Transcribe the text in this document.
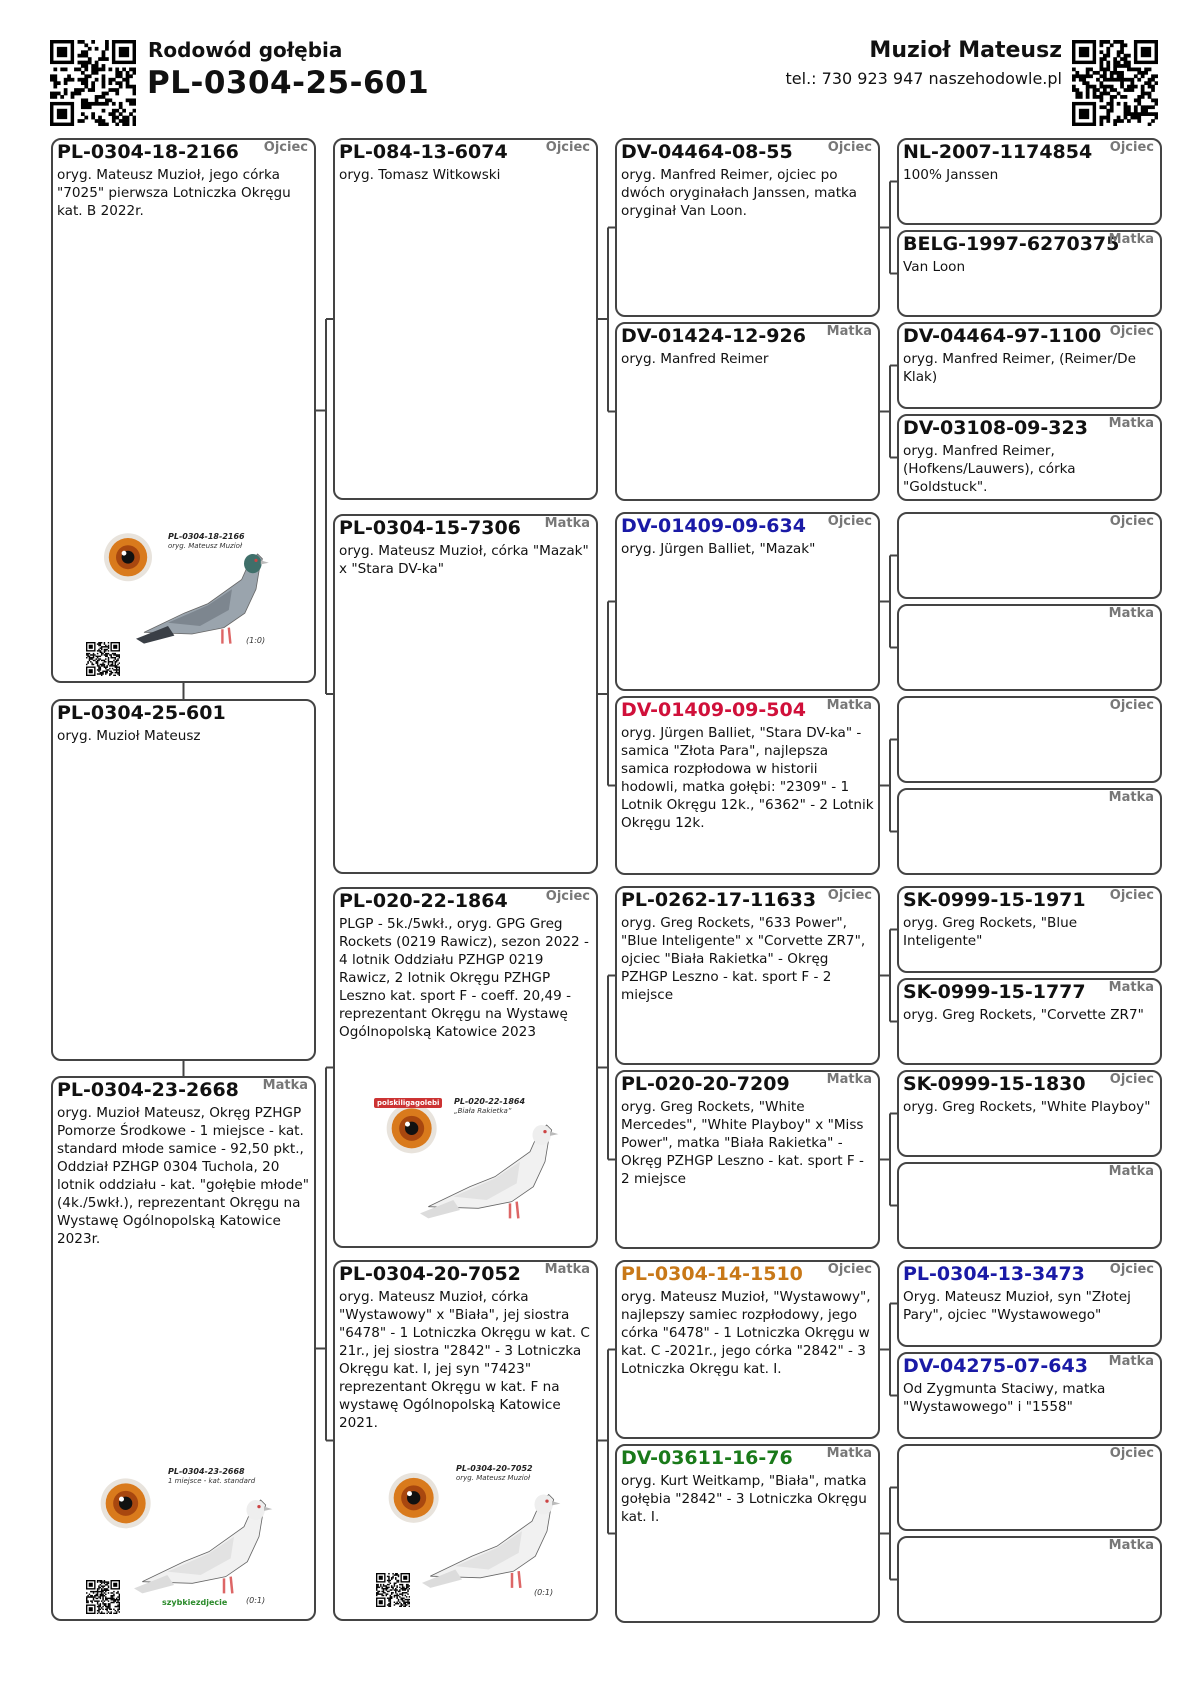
Rodowód gołębia
PL-0304-25-601
Muzioł Mateusz
tel.: 730 923 947 naszehodowle.pl
PL-0304-18-2166 Ojciec
oryg. Mateusz Muzioł, jego córka "7025" pierwsza Lotniczka Okręgu kat. B 2022r.
PL-0304-25-601
oryg. Muzioł Mateusz
PL-0304-23-2668 Matka
oryg. Muzioł Mateusz, Okręg PZHGP Pomorze Środkowe - 1 miejsce - kat. standard młode samice - 92,50 pkt., Oddział PZHGP 0304 Tuchola, 20 lotnik oddziału - kat. "gołębie młode" (4k./5wkł.), reprezentant Okręgu na Wystawę Ogólnopolską Katowice 2023r.
PL-084-13-6074	Ojciec
oryg. Tomasz Witkowski
PL-0304-15-7306 Matka
oryg. Mateusz Muzioł, córka "Mazak" x "Stara DV-ka"
PL-020-22-1864	Ojciec
PLGP - 5k./5wkł., oryg. GPG Greg Rockets (0219 Rawicz), sezon 2022 - 4 lotnik Oddziału PZHGP 0219 Rawicz, 2 lotnik Okręgu PZHGP Leszno kat. sport F - coeff. 20,49 - reprezentant Okręgu na Wystawę Ogólnopolską Katowice 2023
PL-0304-20-7052 Matka
oryg. Mateusz Muzioł, córka "Wystawowy" x "Biała", jej siostra "6478" - 1 Lotniczka Okręgu w kat. C 21r., jej siostra "2842" - 3 Lotniczka Okręgu kat. I, jej syn "7423" reprezentant Okręgu w kat. F na wystawę Ogólnopolską Katowice 2021.
DV-04464-08-55	Ojciec
oryg. Manfred Reimer, ojciec po dwóch oryginałach Janssen, matka oryginał Van Loon.
DV-01424-12-926 Matka
oryg. Manfred Reimer
DV-01409-09-634 Ojciec
oryg. Jürgen Balliet, "Mazak"
DV-01409-09-504 Matka
oryg. Jürgen Balliet, "Stara DV-ka" - samica "Złota Para", najlepsza samica rozpłodowa w historii hodowli, matka gołębi: "2309" - 1 Lotnik Okręgu 12k., "6362" - 2 Lotnik Okręgu 12k.
PL-0262-17-11633 Ojciec
oryg. Greg Rockets, "633 Power", "Blue Inteligente" x "Corvette ZR7", ojciec "Biała Rakietka" - Okręg PZHGP Leszno - kat. sport F - 2 miejsce
PL-020-20-7209	Matka
oryg. Greg Rockets, "White Mercedes", "White Playboy" x "Miss Power", matka "Biała Rakietka" - Okręg PZHGP Leszno - kat. sport F - 2 miejsce
PL-0304-14-1510 Ojciec
oryg. Mateusz Muzioł, "Wystawowy", najlepszy samiec rozpłodowy, jego córka "6478" - 1 Lotniczka Okręgu w kat. C -2021r., jego córka "2842" - 3 Lotniczka Okręgu kat. I.
DV-03611-16-76	Matka
oryg. Kurt Weitkamp, "Biała", matka gołębia "2842" - 3 Lotniczka Okręgu kat. I.
NL-2007-1174854 Ojciec
100% Janssen
BELG-1997-6270375
Matka
Van Loon
DV-04464-97-1100 Ojciec
oryg. Manfred Reimer, (Reimer/De Klak)
DV-03108-09-323 Matka
oryg. Manfred Reimer, (Hofkens/Lauwers), córka "Goldstuck".
Ojciec
Matka
Ojciec
Matka
SK-0999-15-1971 Ojciec
oryg. Greg Rockets, "Blue Inteligente"
SK-0999-15-1777 Matka
oryg. Greg Rockets, "Corvette ZR7"
SK-0999-15-1830 Ojciec
oryg. Greg Rockets, "White Playboy"
Matka
PL-0304-13-3473 Ojciec
Oryg. Mateusz Muzioł, syn "Złotej Pary", ojciec "Wystawowego"
DV-04275-07-643 Matka
Od Zygmunta Staciwy, matka "Wystawowego" i "1558"
Ojciec
Matka
PL-0304-18-2166
oryg. Mateusz Muzioł
(1:0)
PL-0304-23-2668
1 miejsce - kat. standard
(0:1)
PL-020-22-1864
„Biała Rakietka”
PL-0304-20-7052
oryg. Mateusz Muzioł
(0:1)
szybkiezdjecie
polskiligagolebi
